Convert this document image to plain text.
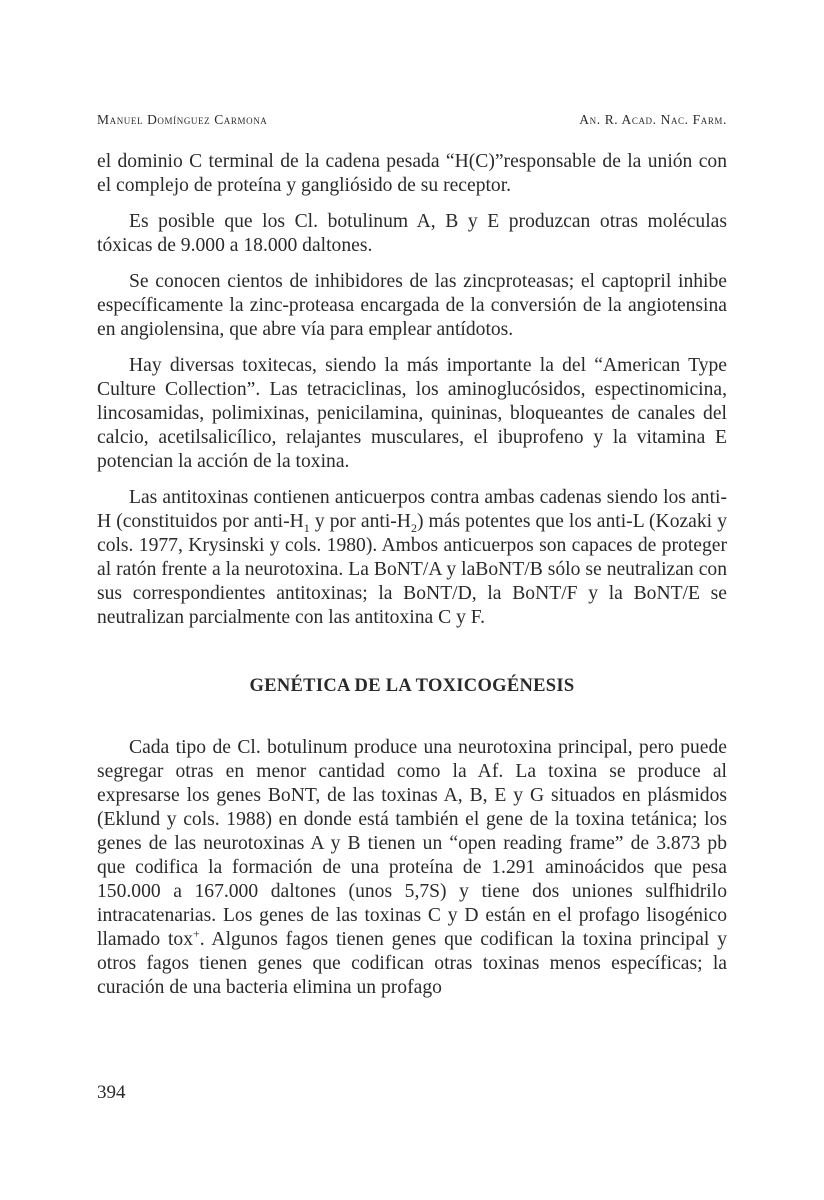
Manuel Domínguez Carmona	An. R. Acad. Nac. Farm.

el dominio C terminal de la cadena pesada “H(C)”responsable de la unión con el complejo de proteína y gangliósido de su receptor.

Es posible que los Cl. botulinum A, B y E produzcan otras moléculas tóxicas de 9.000 a 18.000 daltones.

Se conocen cientos de inhibidores de las zincproteasas; el captopril inhibe específicamente la zinc-proteasa encargada de la conversión de la angiotensina en angiolensina, que abre vía para emplear antídotos.

Hay diversas toxitecas, siendo la más importante la del “American Type Culture Collection”. Las tetraciclinas, los aminoglucósidos, espectinomicina, lincosamidas, polimixinas, penicilamina, quininas, bloqueantes de canales del calcio, acetilsalicílico, relajantes musculares, el ibuprofeno y la vitamina E potencian la acción de la toxina.

Las antitoxinas contienen anticuerpos contra ambas cadenas siendo los anti-H (constituidos por anti-$H_1$ y por anti-$H_2$) más potentes que los anti-L (Kozaki y cols. 1977, Krysinski y cols. 1980). Ambos anticuerpos son capaces de proteger al ratón frente a la neurotoxina. La BoNT/A y laBoNT/B sólo se neutralizan con sus correspondientes antitoxinas; la BoNT/D, la BoNT/F y la BoNT/E se neutralizan parcialmente con las antitoxina C y F.

GENÉTICA DE LA TOXICOGÉNESIS

Cada tipo de Cl. botulinum produce una neurotoxina principal, pero puede segregar otras en menor cantidad como la Af. La toxina se produce al expresarse los genes BoNT, de las toxinas A, B, E y G situados en plásmidos (Eklund y cols. 1988) en donde está también el gene de la toxina tetánica; los genes de las neurotoxinas A y B tienen un “open reading frame” de 3.873 pb que codifica la formación de una proteína de 1.291 aminoácidos que pesa 150.000 a 167.000 daltones (unos 5,7S) y tiene dos uniones sulfhidrilo intracatenarias. Los genes de las toxinas C y D están en el profago lisogénico llamado tox+. Algunos fagos tienen genes que codifican la toxina principal y otros fagos tienen genes que codifican otras toxinas menos específicas; la curación de una bacteria elimina un profago

394
